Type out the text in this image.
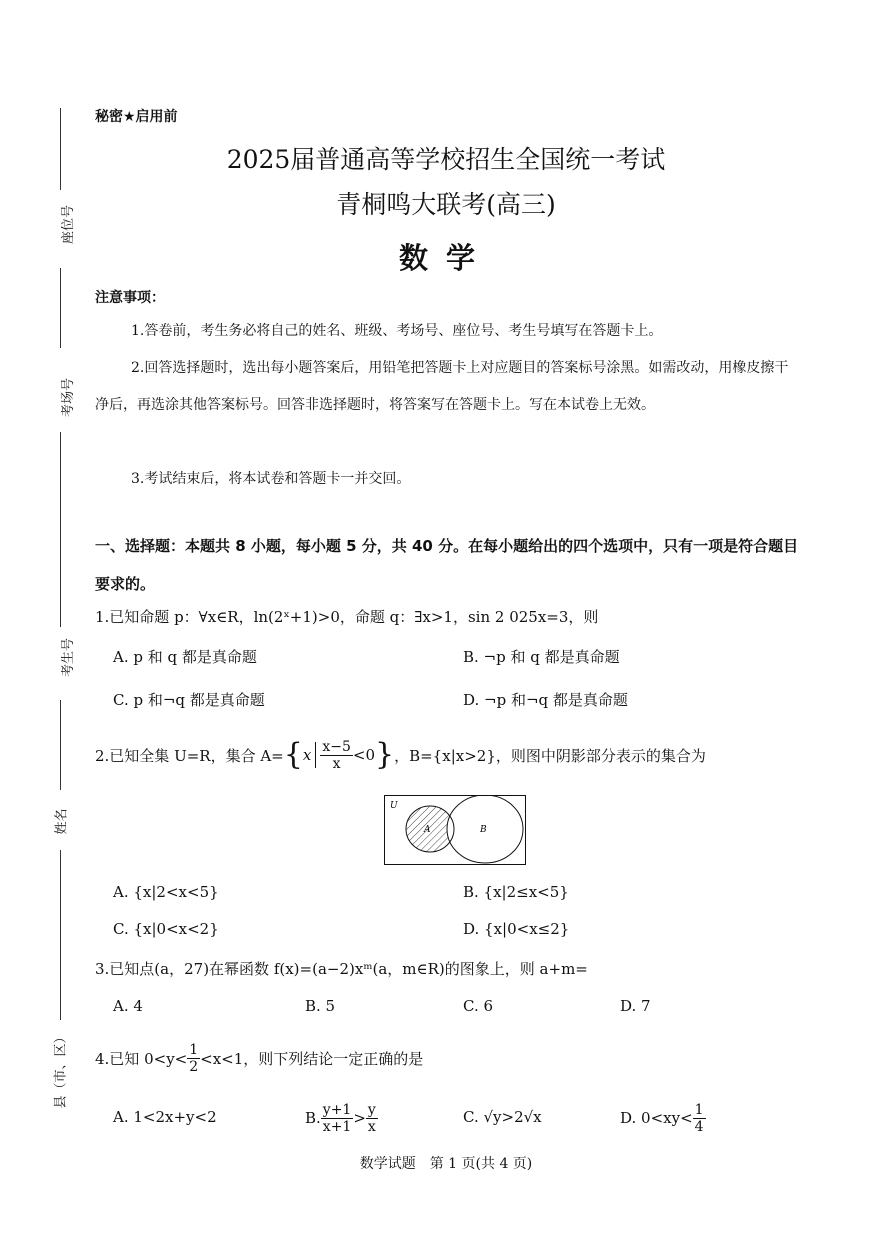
座位号
考场号
考生号
姓名
县（市、区）
秘密★启用前
2025届普通高等学校招生全国统一考试
青桐鸣大联考(高三)
数学
注意事项：
1.答卷前，考生务必将自己的姓名、班级、考场号、座位号、考生号填写在答题卡上。
2.回答选择题时，选出每小题答案后，用铅笔把答题卡上对应题目的答案标号涂黑。如需改动，用橡皮擦干净后，再选涂其他答案标号。回答非选择题时，将答案写在答题卡上。写在本试卷上无效。
3.考试结束后，将本试卷和答题卡一并交回。
一、选择题：本题共 8 小题，每小题 5 分，共 40 分。在每小题给出的四个选项中，只有一项是符合题目要求的。
1.已知命题 p：∀x∈R，ln(2ˣ+1)>0，命题 q：∃x>1，sin 2 025x=3，则
A. p 和 q 都是真命题	B. ¬p 和 q 都是真命题
C. p 和¬q 都是真命题	D. ¬p 和¬q 都是真命题
2.已知全集 U=R，集合 A= { x $\frac{x-5}{x} <0$ } ，B={x|x>2}，则图中阴影部分表示的集合为
U
A	B
A. {x|2<x<5}	B. {x|2≤x<5}
C. {x|0<x<2}	D. {x|0<x≤2}
3.已知点(a，27)在幂函数 f(x)=(a−2)xᵐ(a，m∈R)的图象上，则 a+m=
A. 4	B. 5	C. 6	D. 7
4.已知 $0<y< \frac{1}{2} <x<1$，则下列结论一定正确的是
A. 1<2x+y<2	B. $\frac{y+1}{x+1} > \frac{y}{x}$	C. √y>2√x	D. $0<xy< \frac{1}{4}$
数学试题　第 1 页(共 4 页)
